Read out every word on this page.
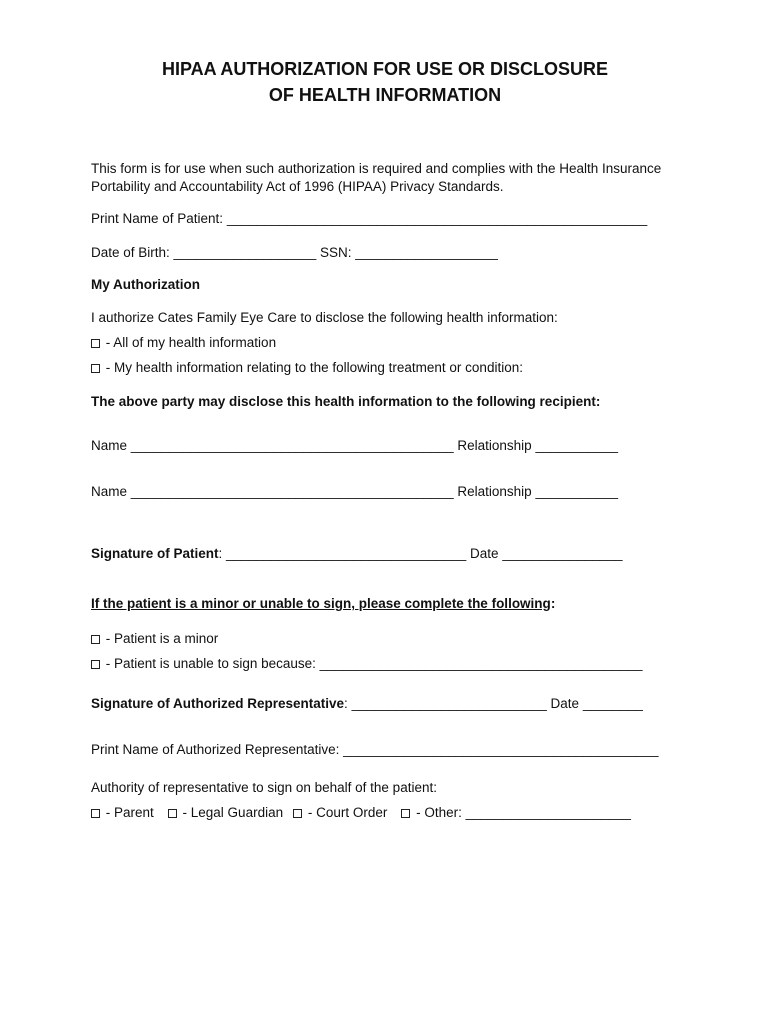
HIPAA AUTHORIZATION FOR USE OR DISCLOSURE
OF HEALTH INFORMATION
This form is for use when such authorization is required and complies with the Health Insurance
Portability and Accountability Act of 1996 (HIPAA) Privacy Standards.
Print Name of Patient: ________________________________________________________
Date of Birth: ___________________ SSN: ___________________
My Authorization
I authorize Cates Family Eye Care to disclose the following health information:
- All of my health information
- My health information relating to the following treatment or condition:
The above party may disclose this health information to the following recipient:
Name ___________________________________________ Relationship ___________
Name ___________________________________________ Relationship ___________
Signature of Patient: ________________________________ Date ________________
If the patient is a minor or unable to sign, please complete the following:
- Patient is a minor
- Patient is unable to sign because: ___________________________________________
Signature of Authorized Representative: __________________________ Date ________
Print Name of Authorized Representative: __________________________________________
Authority of representative to sign on behalf of the patient:
- Parent - Legal Guardian - Court Order - Other: ______________________
